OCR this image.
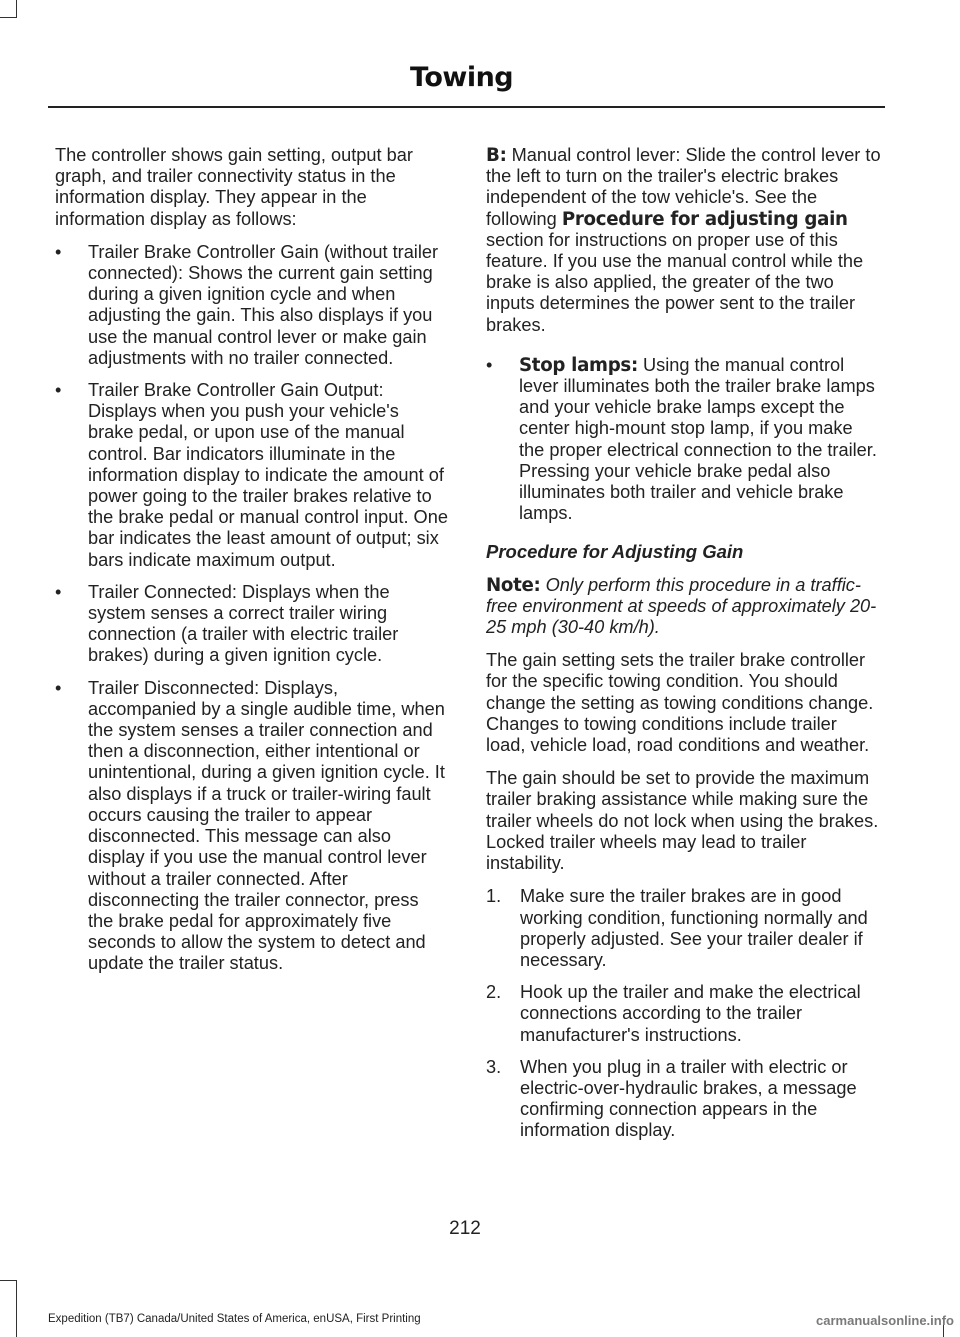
Towing

The controller shows gain setting, output bar graph, and trailer connectivity status in the information display. They appear in the information display as follows:

•	Trailer Brake Controller Gain (without trailer connected): Shows the current gain setting during a given ignition cycle and when adjusting the gain. This also displays if you use the manual control lever or make gain adjustments with no trailer connected.
•	Trailer Brake Controller Gain Output: Displays when you push your vehicle's brake pedal, or upon use of the manual control. Bar indicators illuminate in the information display to indicate the amount of power going to the trailer brakes relative to the brake pedal or manual control input. One bar indicates the least amount of output; six bars indicate maximum output.
•	Trailer Connected: Displays when the system senses a correct trailer wiring connection (a trailer with electric trailer brakes) during a given ignition cycle.
•	Trailer Disconnected: Displays, accompanied by a single audible time, when the system senses a trailer connection and then a disconnection, either intentional or unintentional, during a given ignition cycle. It also displays if a truck or trailer-wiring fault occurs causing the trailer to appear disconnected. This message can also display if you use the manual control lever without a trailer connected. After disconnecting the trailer connector, press the brake pedal for approximately five seconds to allow the system to detect and update the trailer status.

B: Manual control lever: Slide the control lever to the left to turn on the trailer's electric brakes independent of the tow vehicle's. See the following Procedure for adjusting gain section for instructions on proper use of this feature. If you use the manual control while the brake is also applied, the greater of the two inputs determines the power sent to the trailer brakes.

•	Stop lamps: Using the manual control lever illuminates both the trailer brake lamps and your vehicle brake lamps except the center high-mount stop lamp, if you make the proper electrical connection to the trailer. Pressing your vehicle brake pedal also illuminates both trailer and vehicle brake lamps.
Procedure for Adjusting Gain

Note: Only perform this procedure in a traffic-free environment at speeds of approximately 20-25 mph (30-40 km/h).

The gain setting sets the trailer brake controller for the specific towing condition. You should change the setting as towing conditions change. Changes to towing conditions include trailer load, vehicle load, road conditions and weather.

The gain should be set to provide the maximum trailer braking assistance while making sure the trailer wheels do not lock when using the brakes. Locked trailer wheels may lead to trailer instability.

1.	Make sure the trailer brakes are in good working condition, functioning normally and properly adjusted. See your trailer dealer if necessary.
2.	Hook up the trailer and make the electrical connections according to the trailer manufacturer's instructions.
3.	When you plug in a trailer with electric or electric-over-hydraulic brakes, a message confirming connection appears in the information display.
212
Expedition (TB7) Canada/United States of America, enUSA, First Printing	carmanualsonline.info
